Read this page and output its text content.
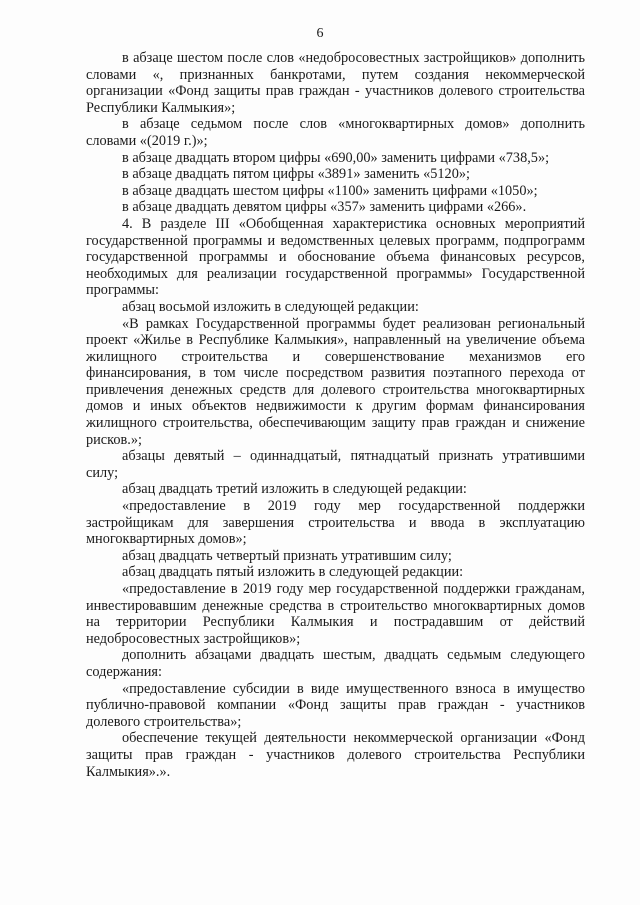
6

в абзаце шестом после слов «недобросовестных застройщиков» дополнить словами «, признанных банкротами, путем создания некоммерческой организации «Фонд защиты прав граждан - участников долевого строительства Республики Калмыкия»;

в абзаце седьмом после слов «многоквартирных домов» дополнить словами «(2019 г.)»;

в абзаце двадцать втором цифры «690,00» заменить цифрами «738,5»;

в абзаце двадцать пятом цифры «3891» заменить «5120»;

в абзаце двадцать шестом цифры «1100» заменить цифрами «1050»;

в абзаце двадцать девятом цифры «357» заменить цифрами «266».

4. В разделе III «Обобщенная характеристика основных мероприятий государственной программы и ведомственных целевых программ, подпрограмм государственной программы и обоснование объема финансовых ресурсов, необходимых для реализации государственной программы» Государственной программы:

абзац восьмой изложить в следующей редакции:

«В рамках Государственной программы будет реализован региональный проект «Жилье в Республике Калмыкия», направленный на увеличение объема жилищного строительства и совершенствование механизмов его финансирования, в том числе посредством развития поэтапного перехода от привлечения денежных средств для долевого строительства многоквартирных домов и иных объектов недвижимости к другим формам финансирования жилищного строительства, обеспечивающим защиту прав граждан и снижение рисков.»;

абзацы девятый – одиннадцатый, пятнадцатый признать утратившими силу;

абзац двадцать третий изложить в следующей редакции:

«предоставление в 2019 году мер государственной поддержки застройщикам для завершения строительства и ввода в эксплуатацию многоквартирных домов»;

абзац двадцать четвертый признать утратившим силу;

абзац двадцать пятый изложить в следующей редакции:

«предоставление в 2019 году мер государственной поддержки гражданам, инвестировавшим денежные средства в строительство многоквартирных домов на территории Республики Калмыкия и пострадавшим от действий недобросовестных застройщиков»;

дополнить абзацами двадцать шестым, двадцать седьмым следующего содержания:

«предоставление субсидии в виде имущественного взноса в имущество публично-правовой компании «Фонд защиты прав граждан - участников долевого строительства»;

обеспечение текущей деятельности некоммерческой организации «Фонд защиты прав граждан - участников долевого строительства Республики Калмыкия».».
